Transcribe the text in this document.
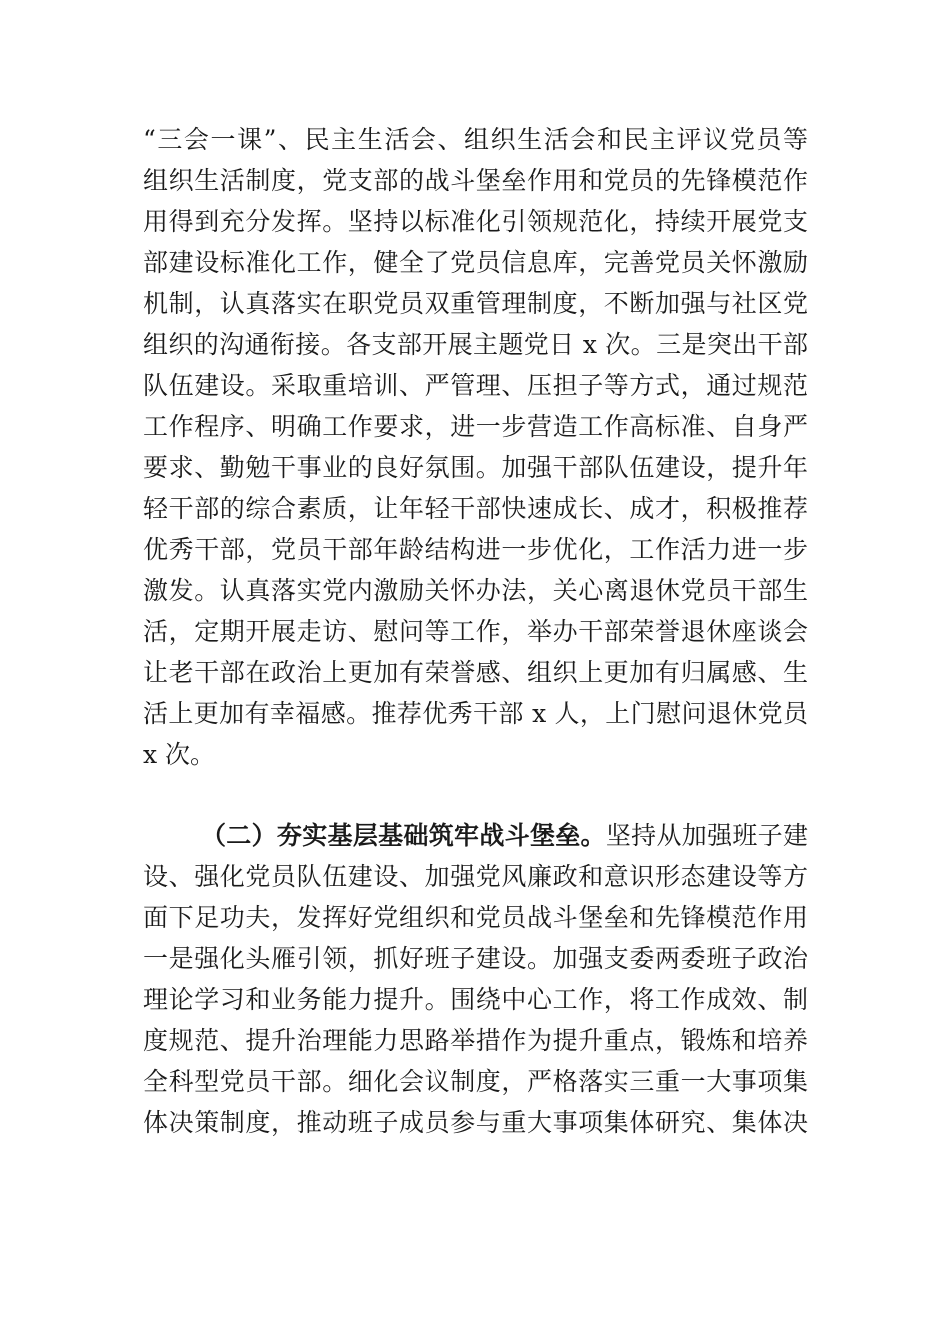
“三会一课”、民主生活会、组织生活会和民主评议党员等
组织生活制度，党支部的战斗堡垒作用和党员的先锋模范作
用得到充分发挥。坚持以标准化引领规范化，持续开展党支
部建设标准化工作，健全了党员信息库，完善党员关怀激励
机制，认真落实在职党员双重管理制度，不断加强与社区党
组织的沟通衔接。各支部开展主题党日 x 次。三是突出干部
队伍建设。采取重培训、严管理、压担子等方式，通过规范
工作程序、明确工作要求，进一步营造工作高标准、自身严
要求、勤勉干事业的良好氛围。加强干部队伍建设，提升年
轻干部的综合素质，让年轻干部快速成长、成才，积极推荐
优秀干部，党员干部年龄结构进一步优化，工作活力进一步
激发。认真落实党内激励关怀办法，关心离退休党员干部生
活，定期开展走访、慰问等工作，举办干部荣誉退休座谈会
让老干部在政治上更加有荣誉感、组织上更加有归属感、生
活上更加有幸福感。推荐优秀干部 x 人，上门慰问退休党员
x 次。
（二）夯实基层基础筑牢战斗堡垒。坚持从加强班子建
设、强化党员队伍建设、加强党风廉政和意识形态建设等方
面下足功夫，发挥好党组织和党员战斗堡垒和先锋模范作用
一是强化头雁引领，抓好班子建设。加强支委两委班子政治
理论学习和业务能力提升。围绕中心工作，将工作成效、制
度规范、提升治理能力思路举措作为提升重点，锻炼和培养
全科型党员干部。细化会议制度，严格落实三重一大事项集
体决策制度，推动班子成员参与重大事项集体研究、集体决
